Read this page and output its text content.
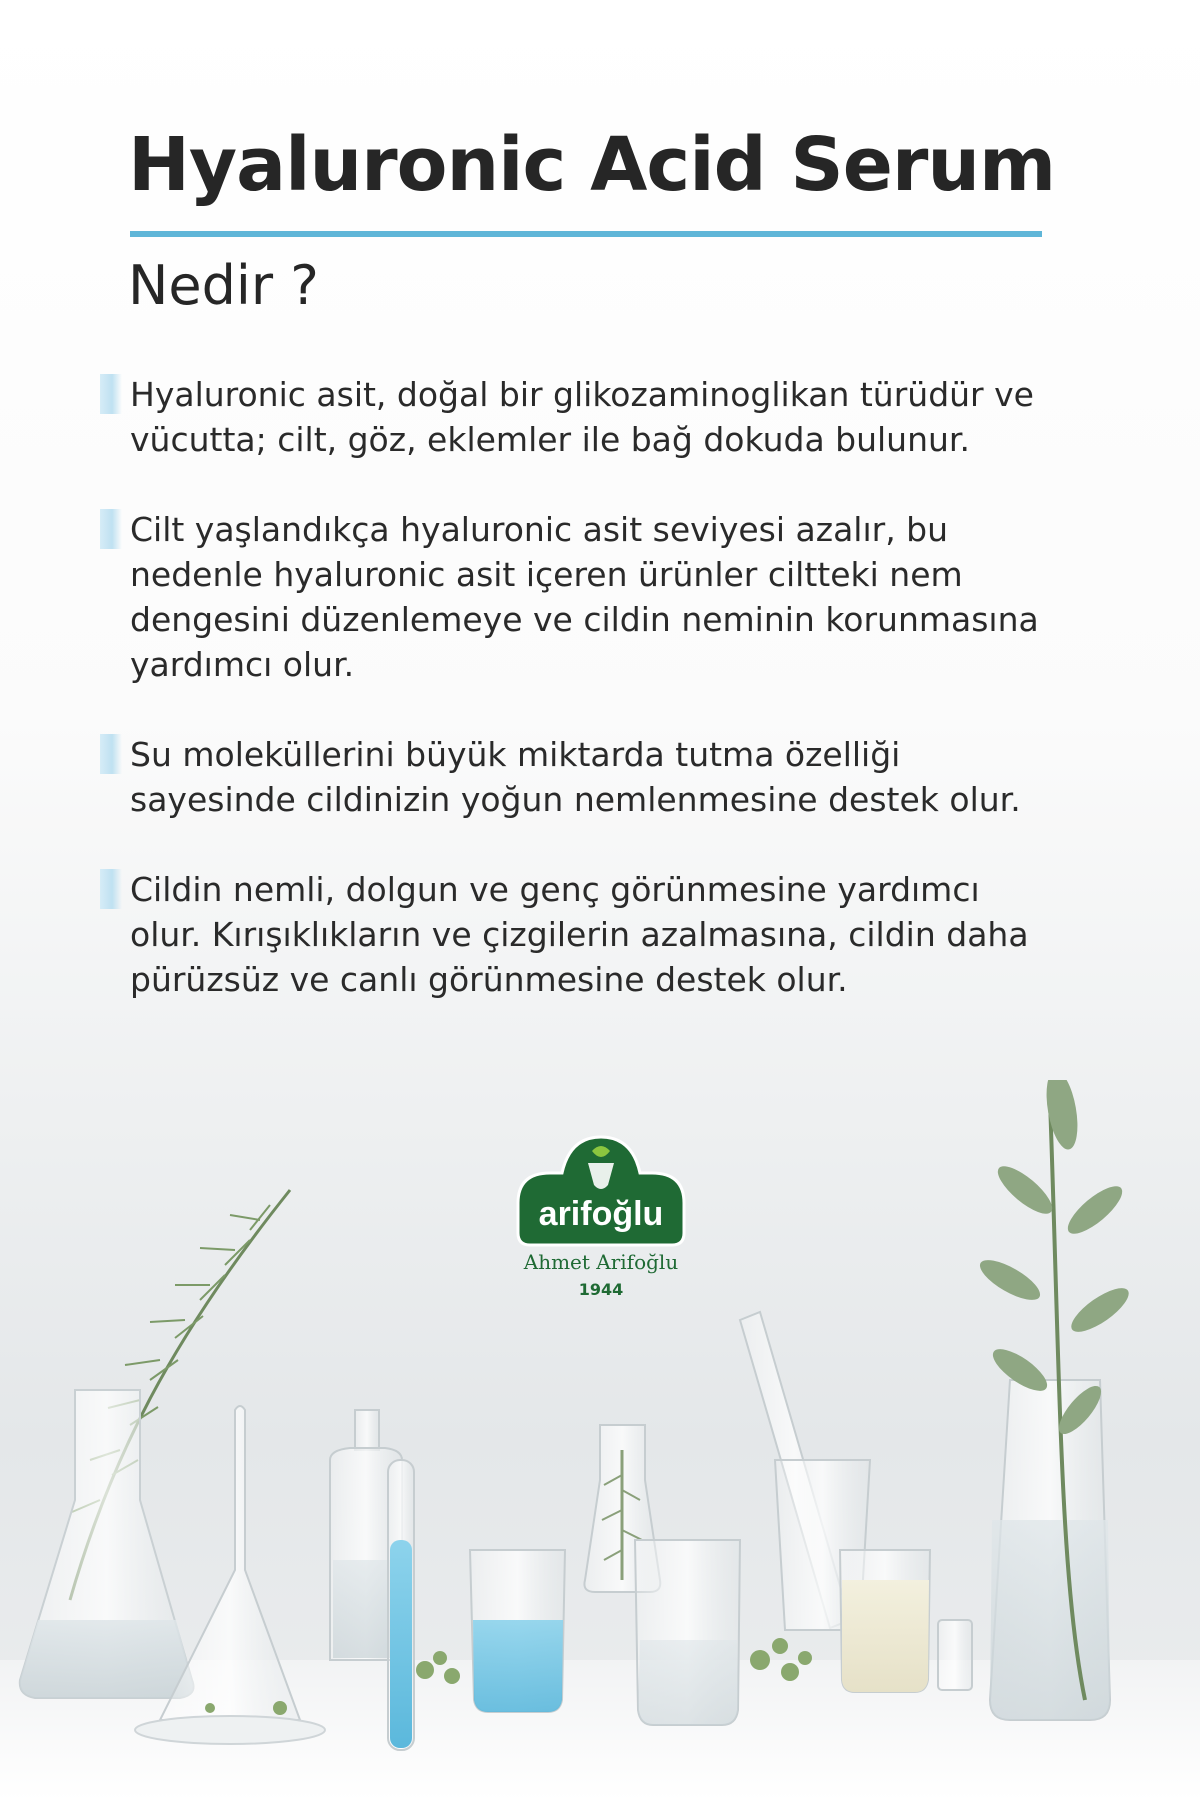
Hyaluronic Acid Serum
Nedir ?
Hyaluronic asit, doğal bir glikozaminoglikan türüdür ve vücutta; cilt, göz, eklemler ile bağ dokuda bulunur.
Cilt yaşlandıkça hyaluronic asit seviyesi azalır, bu nedenle hyaluronic asit içeren ürünler ciltteki nem dengesini düzenlemeye ve cildin neminin korunmasına yardımcı olur.
Su moleküllerini büyük miktarda tutma özelliği sayesinde cildinizin yoğun nemlenmesine destek olur.
Cildin nemli, dolgun ve genç görünmesine yardımcı olur. Kırışıklıkların ve çizgilerin azalmasına, cildin daha pürüzsüz ve canlı görünmesine destek olur.
arifoğlu
Ahmet Arifoğlu
1944
